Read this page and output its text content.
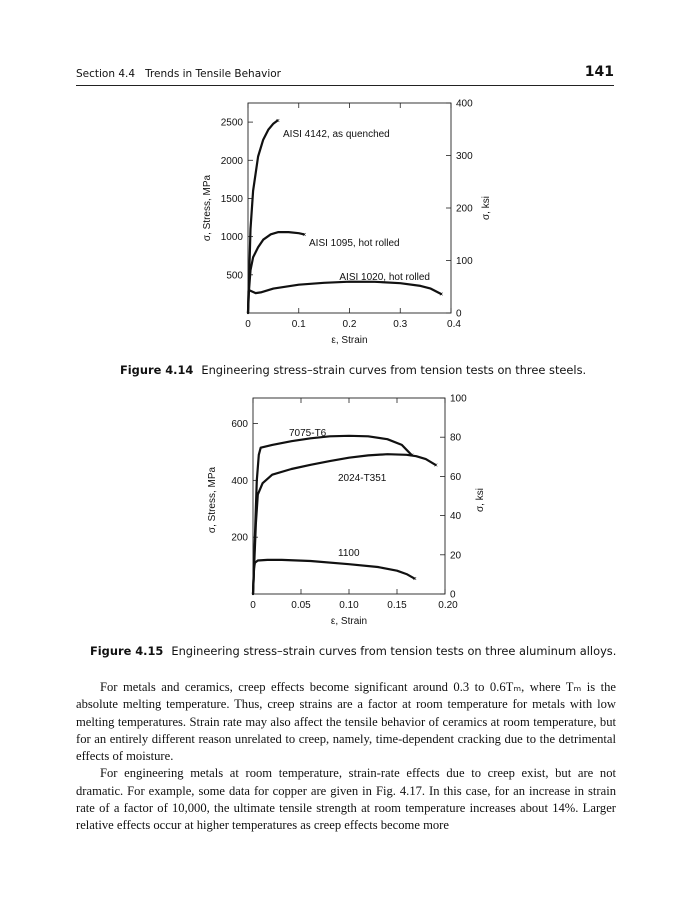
Section 4.4 Trends in Tensile Behavior	141
0	0.1	0.2	0.3	0.4
500
1000
1500
2000
2500
0
100
200
300
400
ε, Strain
σ, Stress, MPa	σ, ksi
×
AISI 4142, as quenched
×
AISI 1095, hot rolled
×
AISI 1020, hot rolled
Figure 4.14 Engineering stress–strain curves from tension tests on three steels.
0	0.05	0.10	0.15	0.20
200
400
600
0
20
40
60
80
100
ε, Strain
σ, Stress, MPa	σ, ksi
×
7075-T6
×
2024-T351
×
1100
Figure 4.15 Engineering stress–strain curves from tension tests on three aluminum alloys.

For metals and ceramics, creep effects become significant around 0.3 to 0.6Tₘ, where Tₘ is the absolute melting temperature. Thus, creep strains are a factor at room temperature for metals with low melting temperatures. Strain rate may also affect the tensile behavior of ceramics at room temperature, but for an entirely different reason unrelated to creep, namely, time-dependent cracking due to the detrimental effects of moisture.

For engineering metals at room temperature, strain-rate effects due to creep exist, but are not dramatic. For example, some data for copper are given in Fig. 4.17. In this case, for an increase in strain rate of a factor of 10,000, the ultimate tensile strength at room temperature increases about 14%. Larger relative effects occur at higher temperatures as creep effects become more
